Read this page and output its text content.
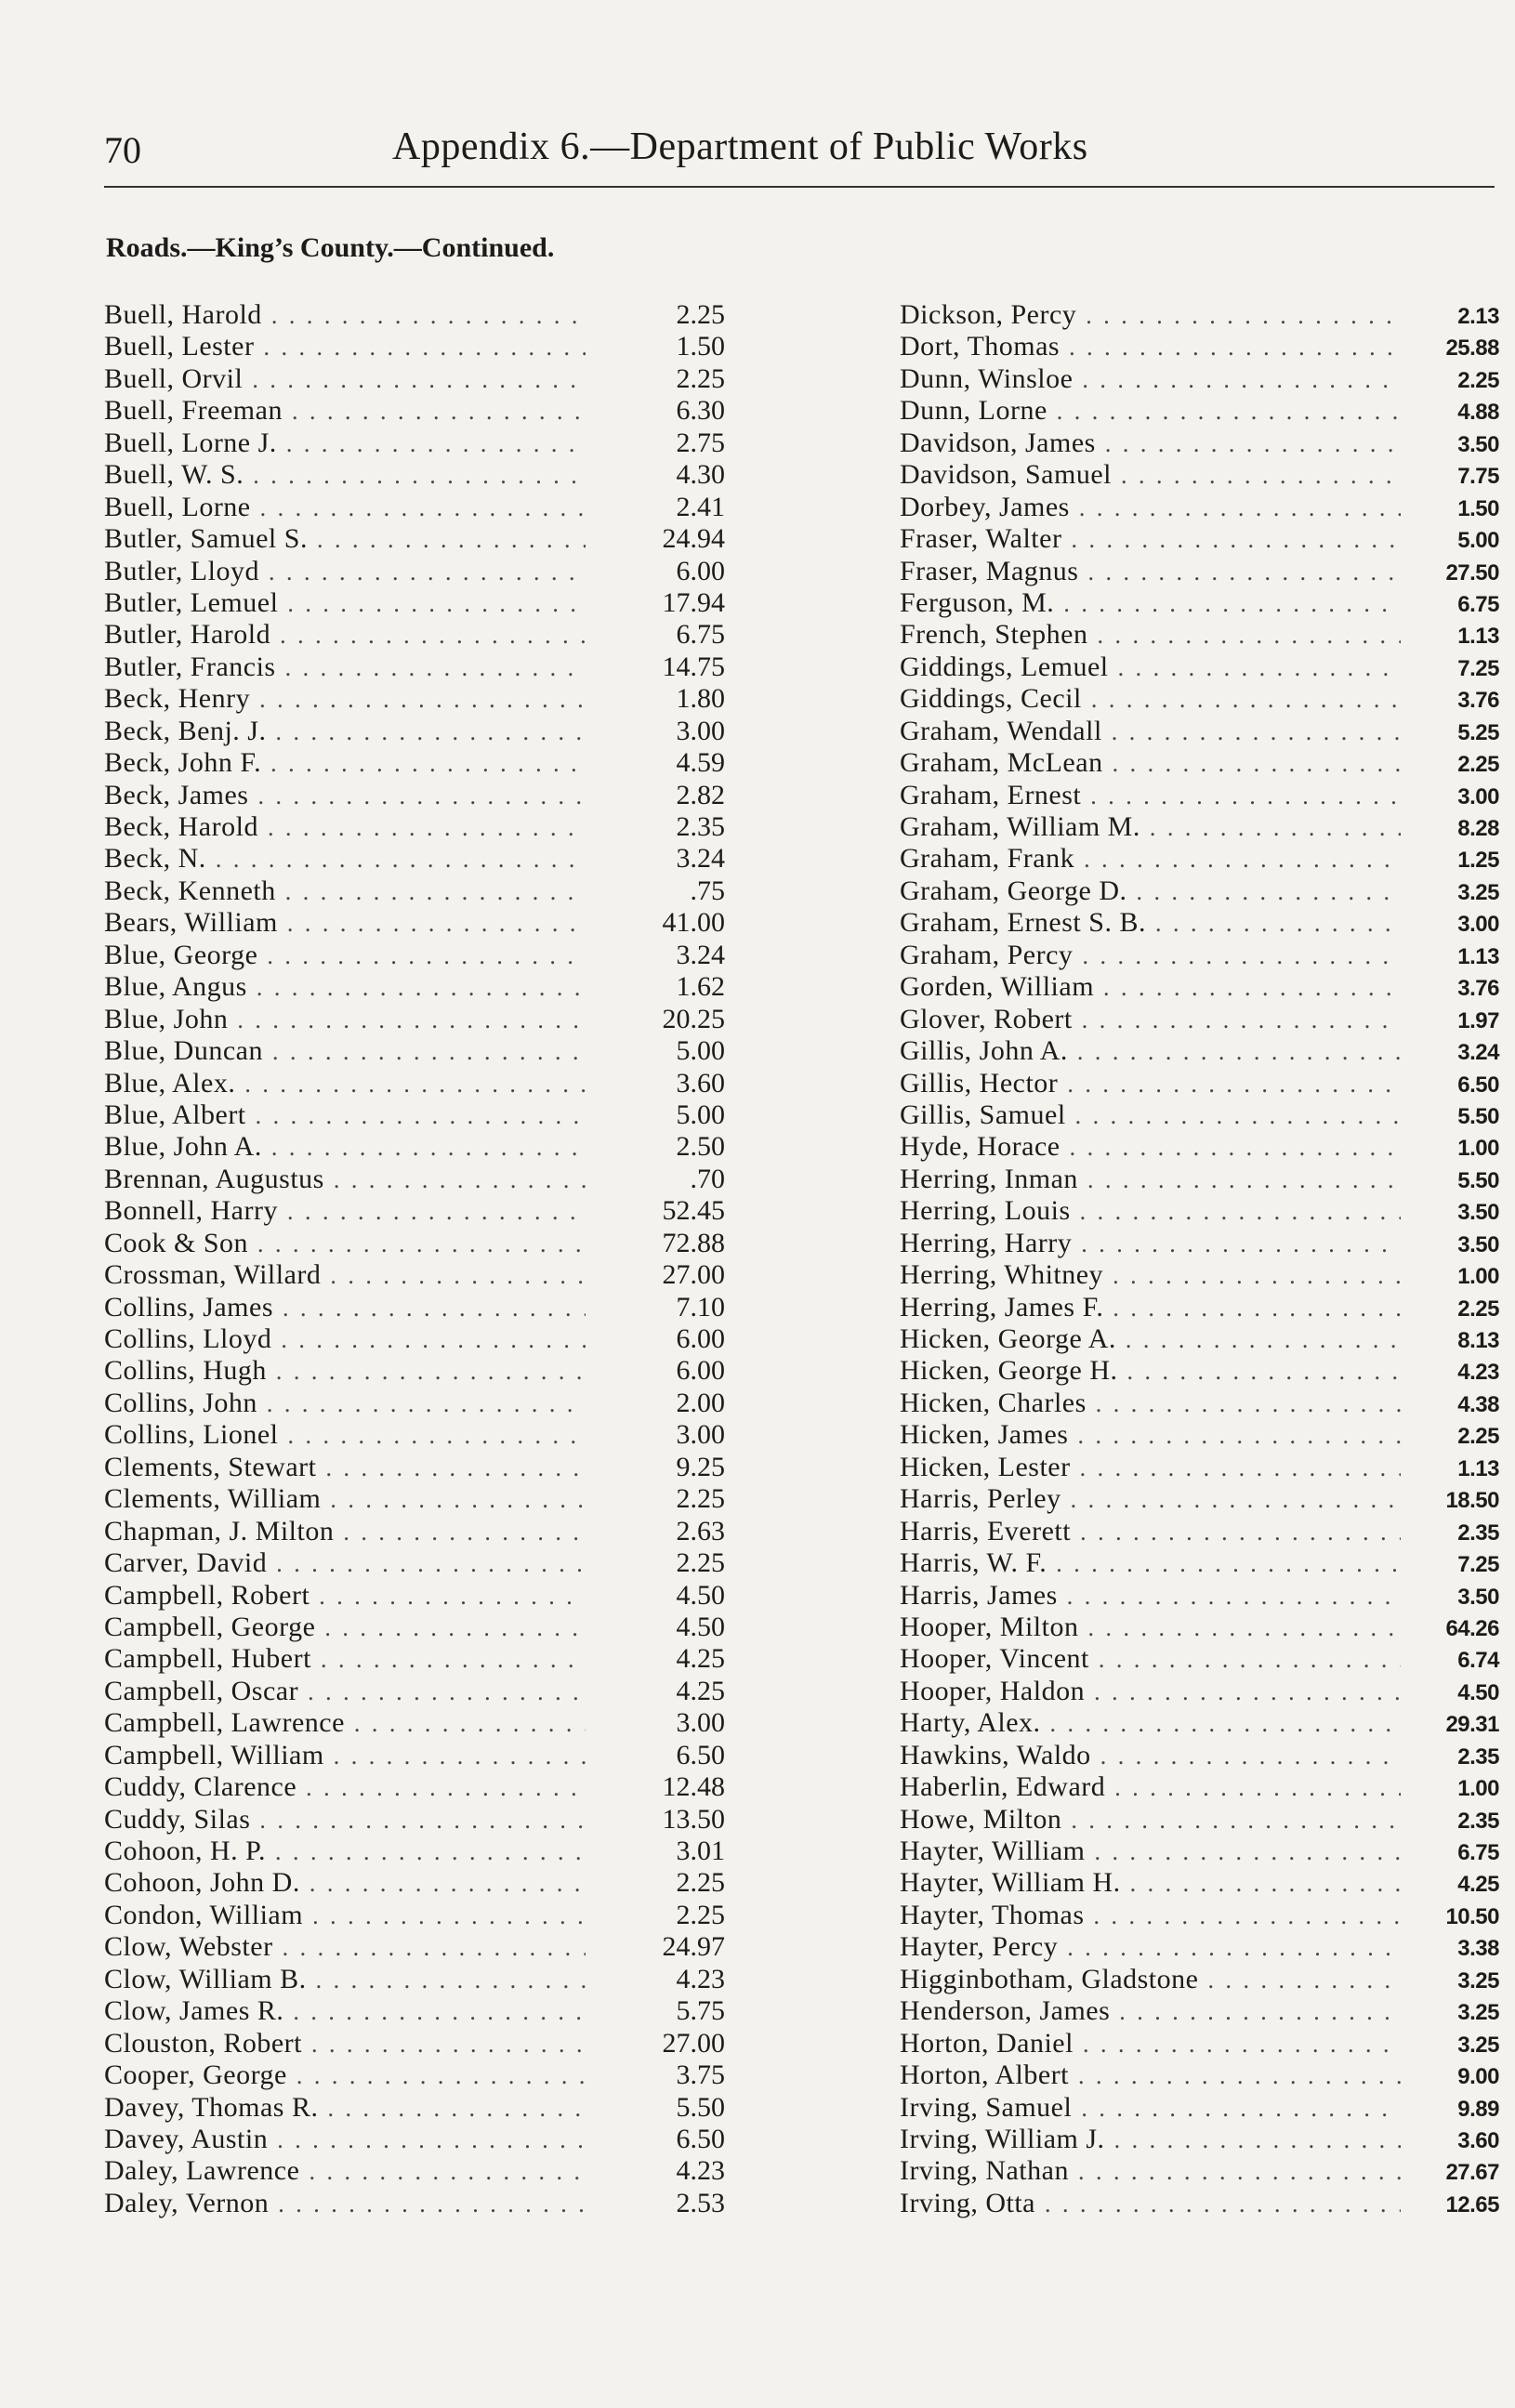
70	Appendix 6.—Department of Public Works
Roads.—King’s County.—Continued.
Buell, Harold . . .	2.25
Buell, Lester . . .	1.50
Buell, Orvil . . .	2.25
Buell, Freeman . . .	6.30
Buell, Lorne J. . . .	2.75
Buell, W. S. . . .	4.30
Buell, Lorne . . .	2.41
Butler, Samuel S. . . .	24.94
Butler, Lloyd . . .	6.00
Butler, Lemuel . . .	17.94
Butler, Harold . . .	6.75
Butler, Francis . . .	14.75
Beck, Henry . . .	1.80
Beck, Benj. J. . . .	3.00
Beck, John F. . . .	4.59
Beck, James . . .	2.82
Beck, Harold . . .	2.35
Beck, N. . . .	3.24
Beck, Kenneth . . .	.75
Bears, William . . .	41.00
Blue, George . . .	3.24
Blue, Angus . . .	1.62
Blue, John . . .	20.25
Blue, Duncan . . .	5.00
Blue, Alex. . . .	3.60
Blue, Albert . . .	5.00
Blue, John A. . . .	2.50
Brennan, Augustus . . .	.70
Bonnell, Harry . . .	52.45
Cook & Son . . .	72.88
Crossman, Willard . . .	27.00
Collins, James . . .	7.10
Collins, Lloyd . . .	6.00
Collins, Hugh . . .	6.00
Collins, John . . .	2.00
Collins, Lionel . . .	3.00
Clements, Stewart . . .	9.25
Clements, William . . .	2.25
Chapman, J. Milton . . .	2.63
Carver, David . . .	2.25
Campbell, Robert . . .	4.50
Campbell, George . . .	4.50
Campbell, Hubert . . .	4.25
Campbell, Oscar . . .	4.25
Campbell, Lawrence . . .	3.00
Campbell, William . . .	6.50
Cuddy, Clarence . . .	12.48
Cuddy, Silas . . .	13.50
Cohoon, H. P. . . .	3.01
Cohoon, John D. . . .	2.25
Condon, William . . .	2.25
Clow, Webster . . .	24.97
Clow, William B. . . .	4.23
Clow, James R. . . .	5.75
Clouston, Robert . . .	27.00
Cooper, George . . .	3.75
Davey, Thomas R. . . .	5.50
Davey, Austin . . .	6.50
Daley, Lawrence . . .	4.23
Daley, Vernon . . .	2.53
Dickson, Percy . . .	2.13
Dort, Thomas . . .	25.88
Dunn, Winsloe . . .	2.25
Dunn, Lorne . . .	4.88
Davidson, James . . .	3.50
Davidson, Samuel . . .	7.75
Dorbey, James . . .	1.50
Fraser, Walter . . .	5.00
Fraser, Magnus . . .	27.50
Ferguson, M. . . .	6.75
French, Stephen . . .	1.13
Giddings, Lemuel . . .	7.25
Giddings, Cecil . . .	3.76
Graham, Wendall . . .	5.25
Graham, McLean . . .	2.25
Graham, Ernest . . .	3.00
Graham, William M. . . .	8.28
Graham, Frank . . .	1.25
Graham, George D. . . .	3.25
Graham, Ernest S. B. . . .	3.00
Graham, Percy . . .	1.13
Gorden, William . . .	3.76
Glover, Robert . . .	1.97
Gillis, John A. . . .	3.24
Gillis, Hector . . .	6.50
Gillis, Samuel . . .	5.50
Hyde, Horace . . .	1.00
Herring, Inman . . .	5.50
Herring, Louis . . .	3.50
Herring, Harry . . .	3.50
Herring, Whitney . . .	1.00
Herring, James F. . . .	2.25
Hicken, George A. . . .	8.13
Hicken, George H. . . .	4.23
Hicken, Charles . . .	4.38
Hicken, James . . .	2.25
Hicken, Lester . . .	1.13
Harris, Perley . . .	18.50
Harris, Everett . . .	2.35
Harris, W. F. . . .	7.25
Harris, James . . .	3.50
Hooper, Milton . . .	64.26
Hooper, Vincent . . .	6.74
Hooper, Haldon . . .	4.50
Harty, Alex. . . .	29.31
Hawkins, Waldo . . .	2.35
Haberlin, Edward . . .	1.00
Howe, Milton . . .	2.35
Hayter, William . . .	6.75
Hayter, William H. . . .	4.25
Hayter, Thomas . . .	10.50
Hayter, Percy . . .	3.38
Higginbotham, Gladstone . . .	3.25
Henderson, James . . .	3.25
Horton, Daniel . . .	3.25
Horton, Albert . . .	9.00
Irving, Samuel . . .	9.89
Irving, William J. . . .	3.60
Irving, Nathan . . .	27.67
Irving, Otta . . .	12.65
